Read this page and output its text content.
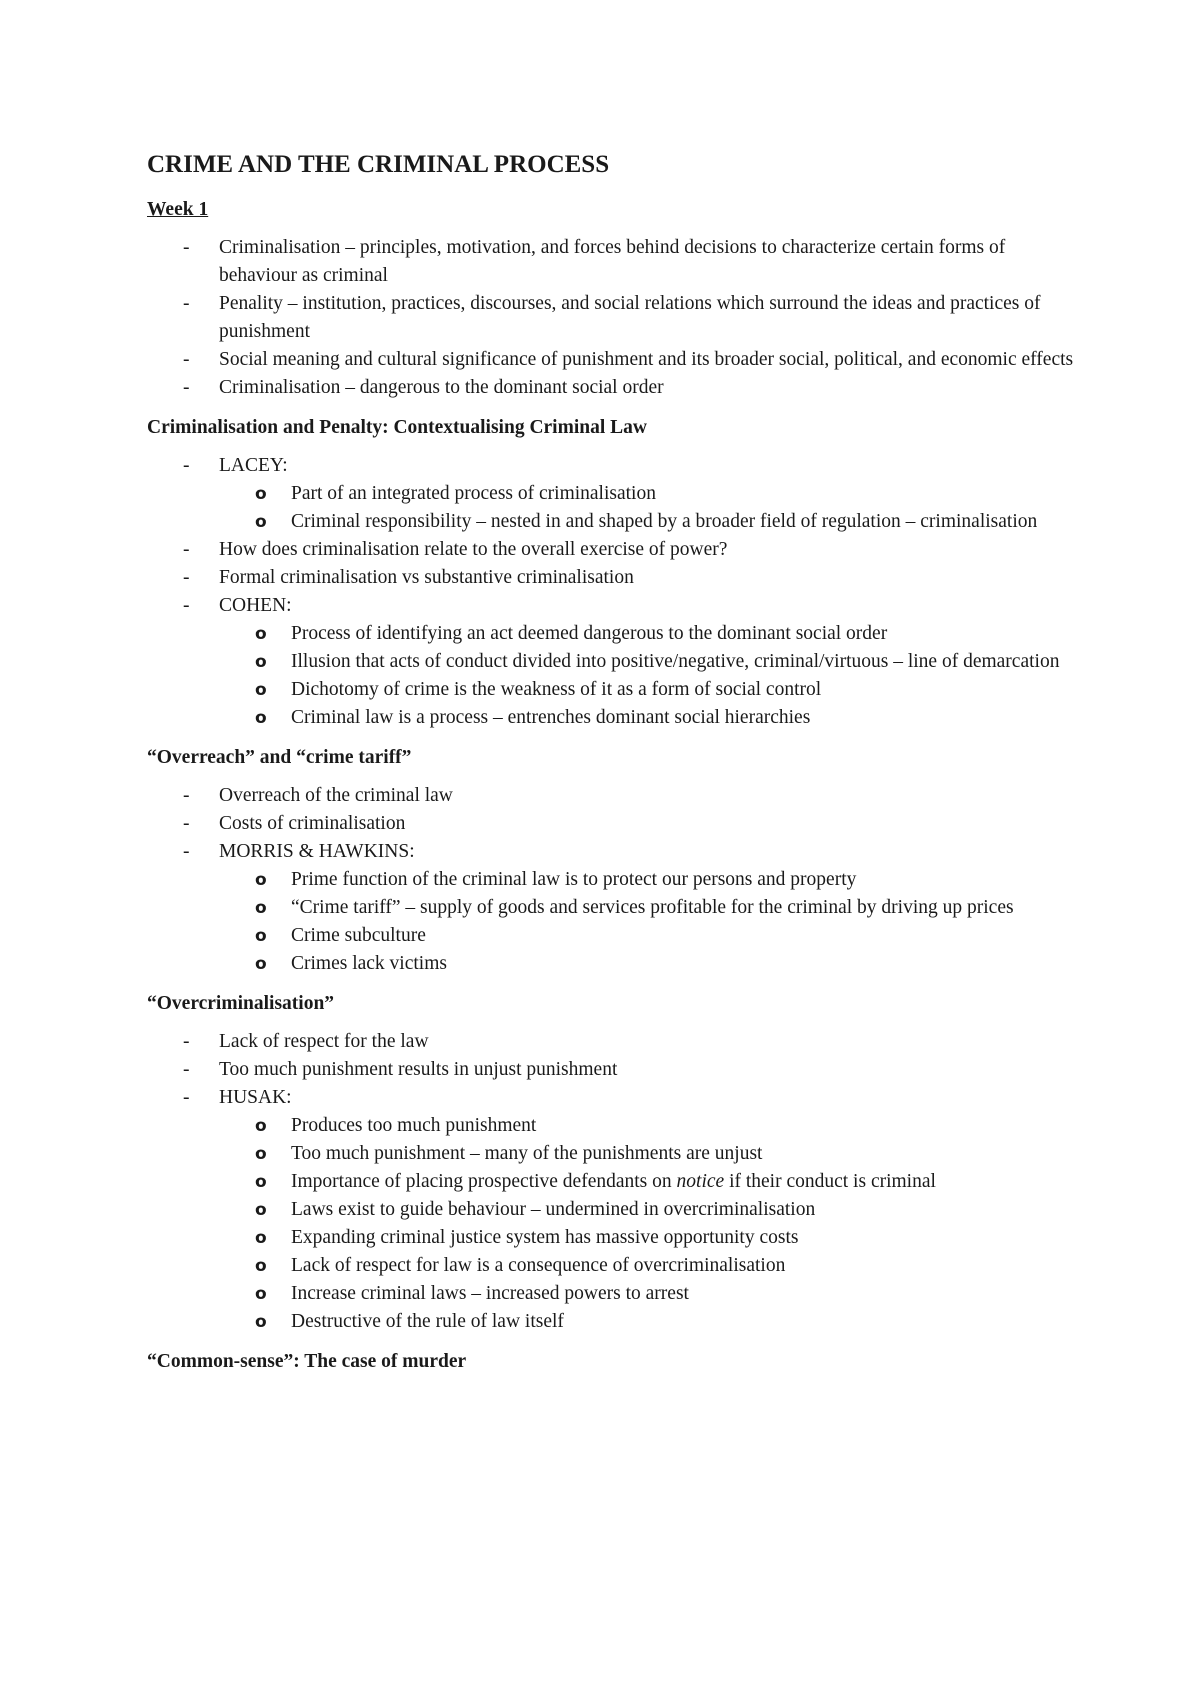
CRIME AND THE CRIMINAL PROCESS
Week 1
-	Criminalisation – principles, motivation, and forces behind decisions to characterize certain forms of behaviour as criminal
-	Penality – institution, practices, discourses, and social relations which surround the ideas and practices of punishment
-	Social meaning and cultural significance of punishment and its broader social, political, and economic effects
-	Criminalisation – dangerous to the dominant social order
Criminalisation and Penalty: Contextualising Criminal Law
-	LACEY:
o Part of an integrated process of criminalisation
o Criminal responsibility – nested in and shaped by a broader field of regulation – criminalisation
-	How does criminalisation relate to the overall exercise of power?
-	Formal criminalisation vs substantive criminalisation
-	COHEN:
o Process of identifying an act deemed dangerous to the dominant social order
o Illusion that acts of conduct divided into positive/negative, criminal/virtuous – line of demarcation
o Dichotomy of crime is the weakness of it as a form of social control
o Criminal law is a process – entrenches dominant social hierarchies
“Overreach” and “crime tariff”
-	Overreach of the criminal law
-	Costs of criminalisation
-	MORRIS & HAWKINS:
o Prime function of the criminal law is to protect our persons and property
o “Crime tariff” – supply of goods and services profitable for the criminal by driving up prices
o Crime subculture
o Crimes lack victims
“Overcriminalisation”
-	Lack of respect for the law
-	Too much punishment results in unjust punishment
-	HUSAK:
o Produces too much punishment
o Too much punishment – many of the punishments are unjust
o Importance of placing prospective defendants on notice if their conduct is criminal
o Laws exist to guide behaviour – undermined in overcriminalisation
o Expanding criminal justice system has massive opportunity costs
o Lack of respect for law is a consequence of overcriminalisation
o Increase criminal laws – increased powers to arrest
o Destructive of the rule of law itself
“Common-sense”: The case of murder
